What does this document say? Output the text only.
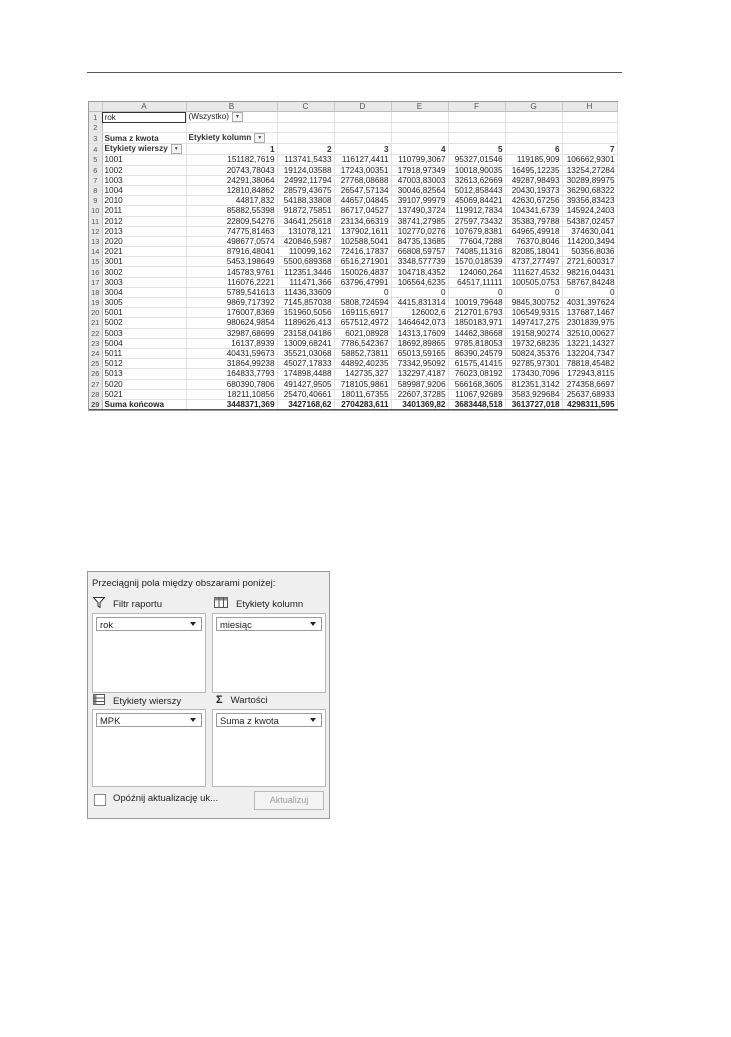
	A	B	C	D	E	F	G	H
1	rok	(Wszystko) ▼						
2								
3	Suma z kwota	Etykiety kolumn ▼						
4	Etykiety wierszy ▼	1	2	3	4	5	6	7
5	1001	151182,7619	113741,5433	116127,4411	110799,3067	95327,01546	119185,909	106662,9301
6	1002	20743,78043	19124,03588	17243,00351	17918,97349	10018,90035	16495,12235	13254,27284
7	1003	24291,38064	24992,11794	27768,08688	47003,83003	32613,62669	49287,98493	30289,89975
8	1004	12810,84862	28579,43675	26547,57134	30046,82564	5012,858443	20430,19373	36290,68322
9	2010	44817,832	54188,33808	44657,04845	39107,99979	45069,84421	42630,67256	39356,83423
10	2011	85882,55398	91872,75851	86717,04527	137490,3724	119912,7834	104341,6739	145924,2403
11	2012	22809,54276	34641,25618	23134,66319	38741,27985	27597,73432	35383,79788	54387,02457
12	2013	74775,81463	131078,121	137902,1611	102770,0276	107679,8381	64965,49918	374630,041
13	2020	498677,0574	420846,5987	102588,5041	84735,13685	77604,7288	76370,8046	114200,3494
14	2021	87916,48041	110099,162	72416,17837	66808,59757	74085,11316	82085,18041	50356,8036
15	3001	5453,198649	5500,689368	6516,271901	3348,577739	1570,018539	4737,277497	2721,600317
16	3002	145783,9761	112351,3446	150026,4837	104718,4352	124060,264	111627,4532	98216,04431
17	3003	116076,2221	111471,366	63796,47991	106564,6235	64517,11111	100505,0753	58767,84248
18	3004	5789,541613	11436,33609	0	0	0	0	0
19	3005	9869,717392	7145,857038	5808,724594	4415,831314	10019,79648	9845,300752	4031,397624
20	5001	176007,8369	151960,5056	169115,6917	126002,6	212701,6793	106549,9315	137687,1467
21	5002	980624,9854	1189626,413	657512,4972	1464642,073	1850183,971	1497417,275	2301839,975
22	5003	32987,68699	23158,04186	6021,08928	14313,17609	14462,38668	19158,90274	32510,00627
23	5004	16137,8939	13009,68241	7786,542367	18692,89865	9785,818053	19732,68235	13221,14327
24	5011	40431,59673	35521,03068	58852,73811	65013,59165	86390,24579	50824,35376	132204,7347
25	5012	31864,99238	45027,17833	44892,40235	73342,95092	61575,41415	92785,97301	78818,45482
26	5013	164833,7793	174898,4488	142735,327	132297,4187	76023,08192	173430,7096	172943,8115
27	5020	680390,7806	491427,9505	718105,9861	589987,9206	566168,3605	812351,3142	274358,6697
28	5021	18211,10856	25470,40661	18011,67355	22607,37285	11067,92689	3583,929684	25637,68933
29	Suma końcowa	3448371,369	3427168,62	2704283,611	3401369,82	3683448,518	3613727,018	4298311,595
Przeciągnij pola między obszarami poniżej:
Filtr raportu	Etykiety kolumn
rok	miesiąc
Etykiety wierszy	Σ Wartości
MPK	Suma z kwota
Opóźnij aktualizację uk...	Aktualizuj
